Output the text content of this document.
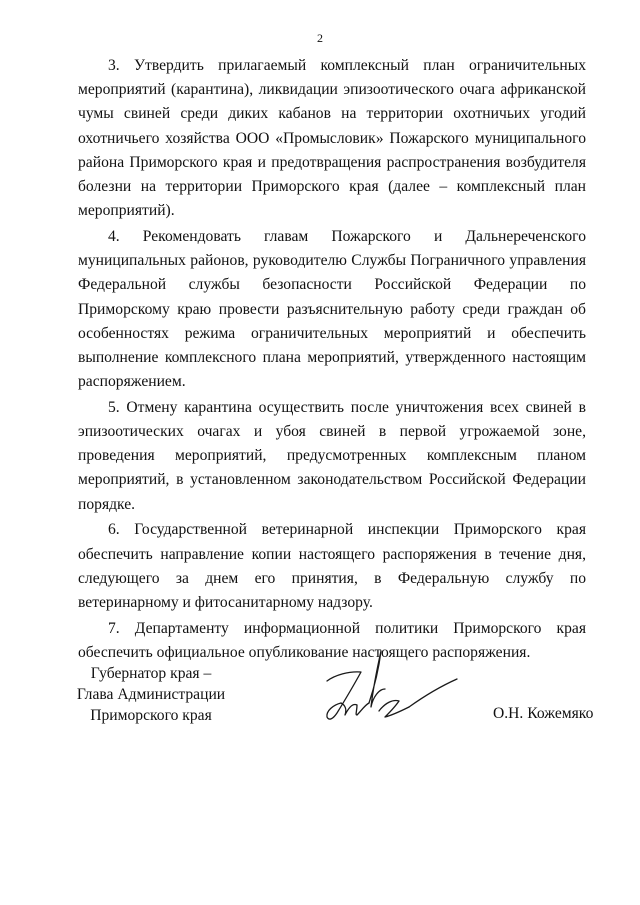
2

3. Утвердить прилагаемый комплексный план ограничительных мероприятий (карантина), ликвидации эпизоотического очага африканской чумы свиней среди диких кабанов на территории охотничьих угодий охотничьего хозяйства ООО «Промысловик» Пожарского муниципального района Приморского края и предотвращения распространения возбудителя болезни на территории Приморского края (далее – комплексный план мероприятий).

4. Рекомендовать главам Пожарского и Дальнереченского муниципальных районов, руководителю Службы Пограничного управления Федеральной службы безопасности Российской Федерации по Приморскому краю провести разъяснительную работу среди граждан об особенностях режима ограничительных мероприятий и обеспечить выполнение комплексного плана мероприятий, утвержденного настоящим распоряжением.

5. Отмену карантина осуществить после уничтожения всех свиней в эпизоотических очагах и убоя свиней в первой угрожаемой зоне, проведения мероприятий, предусмотренных комплексным планом мероприятий, в установленном законодательством Российской Федерации порядке.

6. Государственной ветеринарной инспекции Приморского края обеспечить направление копии настоящего распоряжения в течение дня, следующего за днем его принятия, в Федеральную службу по ветеринарному и фитосанитарному надзору.

7. Департаменту информационной политики Приморского края обеспечить официальное опубликование настоящего распоряжения.

Губернатор края –
Глава Администрации
Приморского края	О.Н. Кожемяко
